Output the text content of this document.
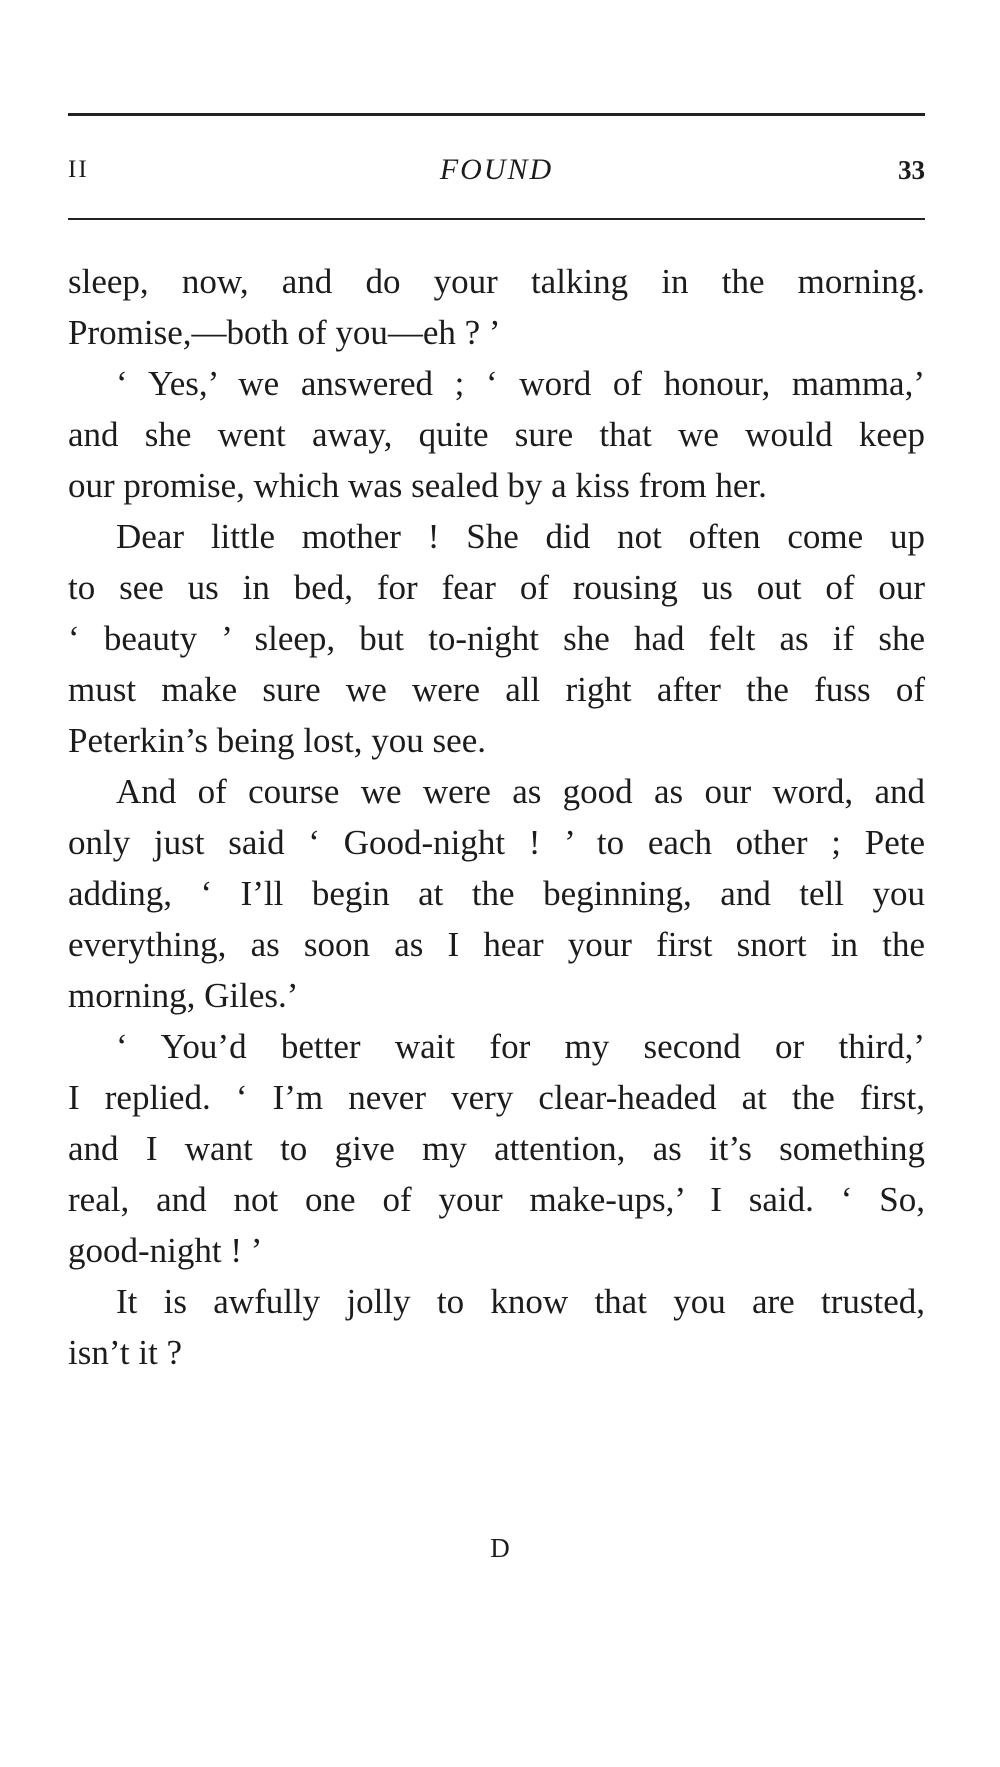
II	FOUND	33
sleep, now, and do your talking in the morning.
Promise,—both of you—eh ? ’
‘ Yes,’ we answered ; ‘ word of honour, mamma,’
and she went away, quite sure that we would keep
our promise, which was sealed by a kiss from her.
Dear little mother ! She did not often come up
to see us in bed, for fear of rousing us out of our
‘ beauty ’ sleep, but to-night she had felt as if she
must make sure we were all right after the fuss of
Peterkin’s being lost, you see.
And of course we were as good as our word, and
only just said ‘ Good-night ! ’ to each other ; Pete
adding, ‘ I’ll begin at the beginning, and tell you
everything, as soon as I hear your first snort in the
morning, Giles.’
‘ You’d better wait for my second or third,’
I replied. ‘ I’m never very clear-headed at the first,
and I want to give my attention, as it’s something
real, and not one of your make-ups,’ I said. ‘ So,
good-night ! ’
It is awfully jolly to know that you are trusted,
isn’t it ?
D
